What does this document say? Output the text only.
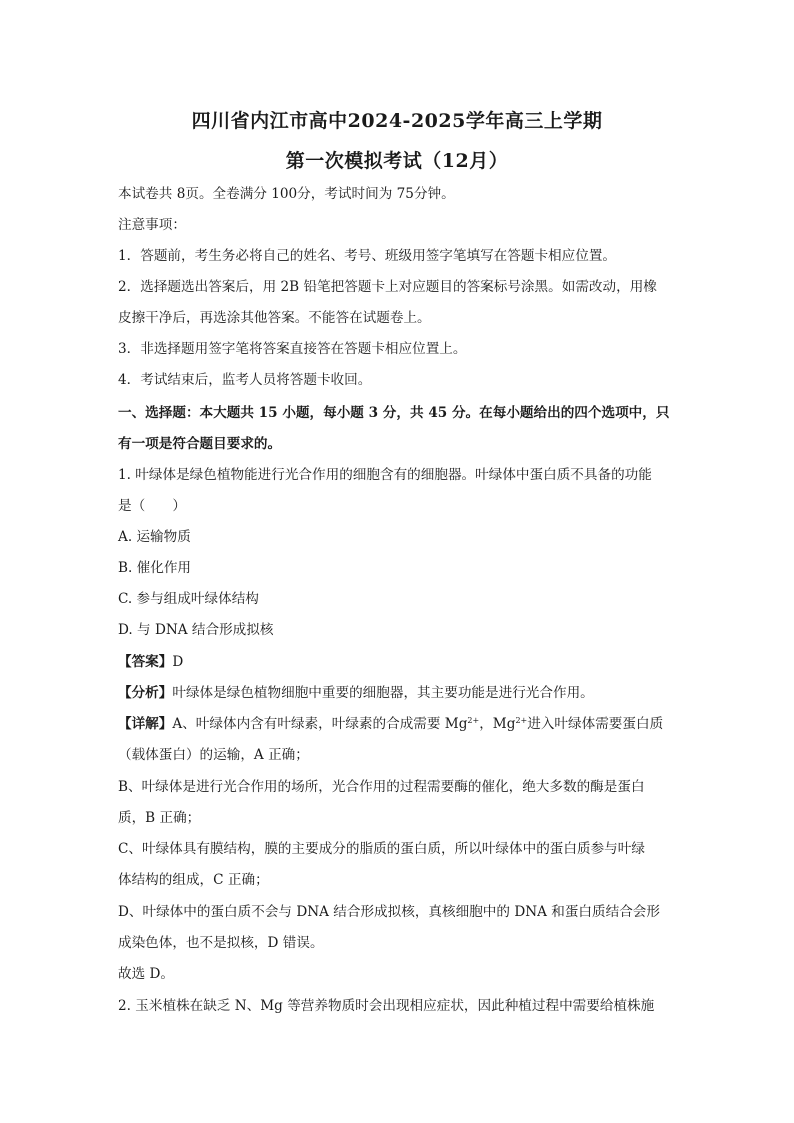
四川省内江市高中2024-2025学年高三上学期
第一次模拟考试（12月）
本试卷共 8页。全卷满分 100分，考试时间为 75分钟。
注意事项：
1．答题前，考生务必将自己的姓名、考号、班级用签字笔填写在答题卡相应位置。
2．选择题选出答案后，用 2B 铅笔把答题卡上对应题目的答案标号涂黑。如需改动，用橡
皮擦干净后，再选涂其他答案。不能答在试题卷上。
3．非选择题用签字笔将答案直接答在答题卡相应位置上。
4．考试结束后，监考人员将答题卡收回。
一、选择题：本大题共 15 小题，每小题 3 分，共 45 分。在每小题给出的四个选项中，只
有一项是符合题目要求的。
1. 叶绿体是绿色植物能进行光合作用的细胞含有的细胞器。叶绿体中蛋白质不具备的功能
是（　　）
A. 运输物质
B. 催化作用
C. 参与组成叶绿体结构
D. 与 DNA 结合形成拟核
【答案】D
【分析】叶绿体是绿色植物细胞中重要的细胞器，其主要功能是进行光合作用。
【详解】A、叶绿体内含有叶绿素，叶绿素的合成需要 $Mg^{2+}$，$Mg^{2+}$进入叶绿体需要蛋白质
（载体蛋白）的运输，A 正确；
B、叶绿体是进行光合作用的场所，光合作用的过程需要酶的催化，绝大多数的酶是蛋白
质，B 正确；
C、叶绿体具有膜结构，膜的主要成分的脂质的蛋白质，所以叶绿体中的蛋白质参与叶绿
体结构的组成，C 正确；
D、叶绿体中的蛋白质不会与 DNA 结合形成拟核，真核细胞中的 DNA 和蛋白质结合会形
成染色体，也不是拟核，D 错误。
故选 D。
2. 玉米植株在缺乏 N、Mg 等营养物质时会出现相应症状，因此种植过程中需要给植株施
